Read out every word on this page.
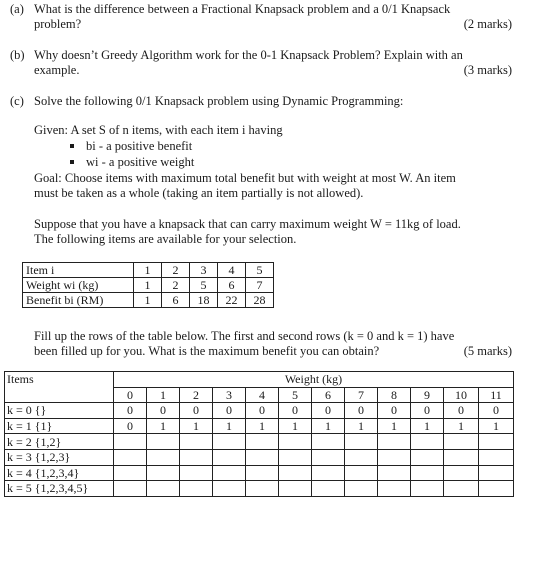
(a) What is the difference between a Fractional Knapsack problem and a 0/1 Knapsack
problem?	(2 marks)
(b) Why doesn’t Greedy Algorithm work for the 0-1 Knapsack Problem? Explain with an
example.	(3 marks)
(c) Solve the following 0/1 Knapsack problem using Dynamic Programming:
Given: A set S of n items, with each item i having
bi - a positive benefit
wi - a positive weight
Goal: Choose items with maximum total benefit but with weight at most W. An item
must be taken as a whole (taking an item partially is not allowed).
Suppose that you have a knapsack that can carry maximum weight W = 11kg of load.
The following items are available for your selection.
Item i	1	2	3	4	5
Weight wi (kg)	1	2	5	6	7
Benefit bi (RM)	1	6	18	22	28
Fill up the rows of the table below. The first and second rows (k = 0 and k = 1) have
been filled up for you. What is the maximum benefit you can obtain?	(5 marks)
Items	Weight (kg)											
	0	1	2	3	4	5	6	7	8	9	10	11
k = 0 {}	0	0	0	0	0	0	0	0	0	0	0	0
k = 1 {1}	0	1	1	1	1	1	1	1	1	1	1	1
k = 2 {1,2}												
k = 3 {1,2,3}												
k = 4 {1,2,3,4}												
k = 5 {1,2,3,4,5}												
